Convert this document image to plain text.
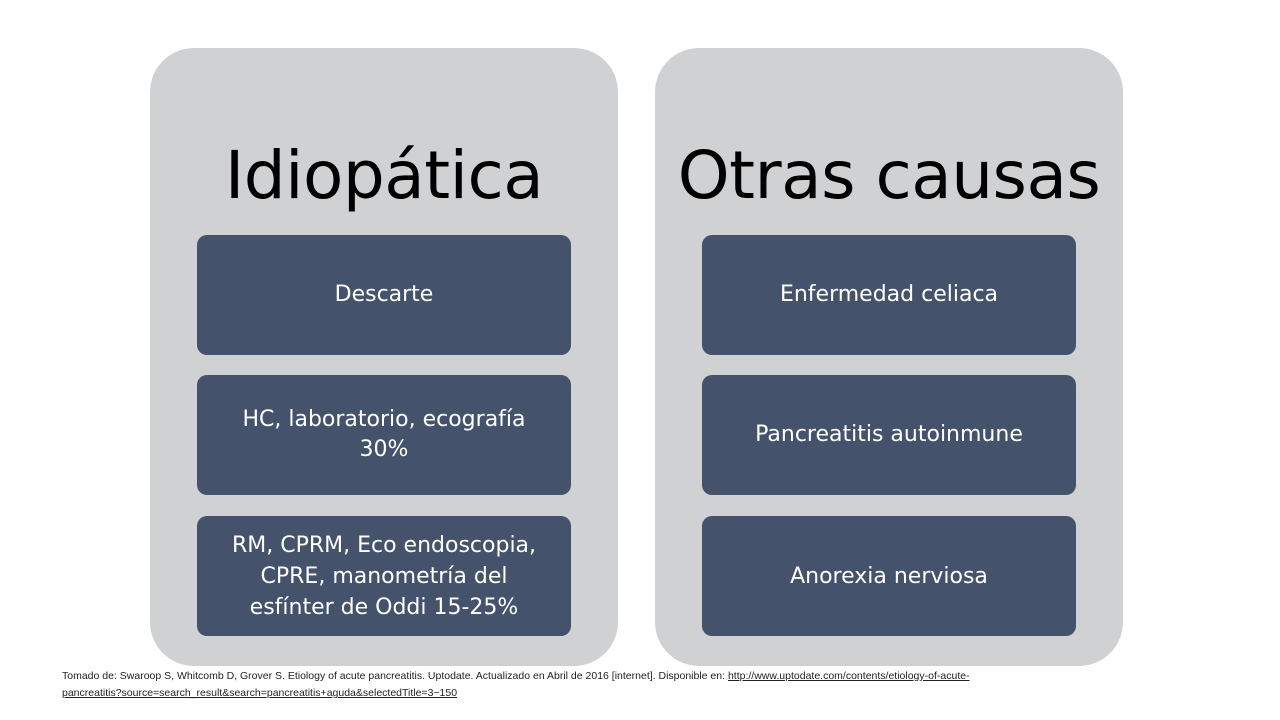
Idiopática
Descarte
HC, laboratorio, ecografía
30%
RM, CPRM, Eco endoscopia,
CPRE, manometría del
esfínter de Oddi 15-25%
Otras causas
Enfermedad celiaca
Pancreatitis autoinmune
Anorexia nerviosa
Tomado de: Swaroop S, Whitcomb D, Grover S. Etiology of acute pancreatitis. Uptodate. Actualizado en Abril de 2016 [internet]. Disponible en: http://www.uptodate.com/contents/etiology-of-acute-
pancreatitis?source=search_result&search=pancreatitis+aguda&selectedTitle=3~150
